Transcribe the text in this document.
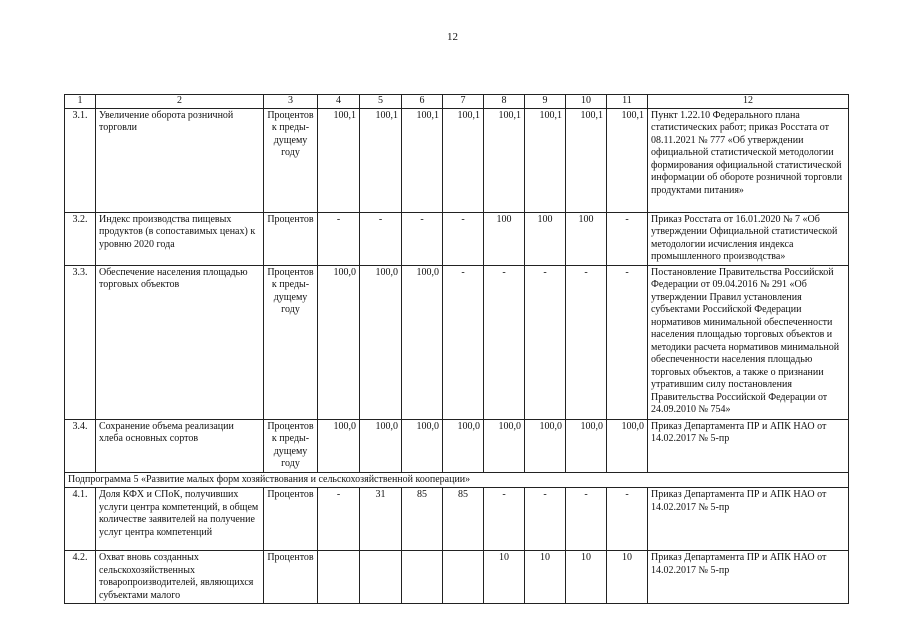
12
1	2	3	4	5	6	7	8	9	10	11	12
3.1.	Увеличение оборота розничной торговли	Процентов к преды-дущему году	100,1	100,1	100,1	100,1	100,1	100,1	100,1	100,1	Пункт 1.22.10 Федерального плана статистических работ; приказ Росстата от 08.11.2021 № 777 «Об утверждении официальной статистической методологии формирования официальной статистической информации об обороте розничной торговли продуктами питания»
3.2.	Индекс производства пищевых продуктов (в сопоставимых ценах) к уровню 2020 года	Процентов	-	-	-	-	100	100	100	-	Приказ Росстата от 16.01.2020 № 7 «Об утверждении Официальной статистической методологии исчисления индекса промышленного производства»
3.3.	Обеспечение населения площадью торговых объектов	Процентов к преды-дущему году	100,0	100,0	100,0	-	-	-	-	-	Постановление Правительства Российской Федерации от 09.04.2016 № 291 «Об утверждении Правил установления субъектами Российской Федерации нормативов минимальной обеспеченности населения площадью торговых объектов и методики расчета нормативов минимальной обеспеченности населения площадью торговых объектов, а также о признании утратившим силу постановления Правительства Российской Федерации от 24.09.2010 № 754»
3.4.	Сохранение объема реализации хлеба основных сортов	Процентов к преды-дущему году	100,0	100,0	100,0	100,0	100,0	100,0	100,0	100,0	Приказ Департамента ПР и АПК НАО от 14.02.2017 № 5-пр
Подпрограмма 5 «Развитие малых форм хозяйствования и сельскохозяйственной кооперации»											
4.1.	Доля КФХ и СПоК, получивших услуги центра компетенций, в общем количестве заявителей на получение услуг центра компетенций	Процентов	-	31	85	85	-	-	-	-	Приказ Департамента ПР и АПК НАО от 14.02.2017 № 5-пр
4.2.	Охват вновь созданных сельскохозяйственных товаропроизводителей, являющихся субъектами малого	Процентов					10	10	10	10	Приказ Департамента ПР и АПК НАО от 14.02.2017 № 5-пр
